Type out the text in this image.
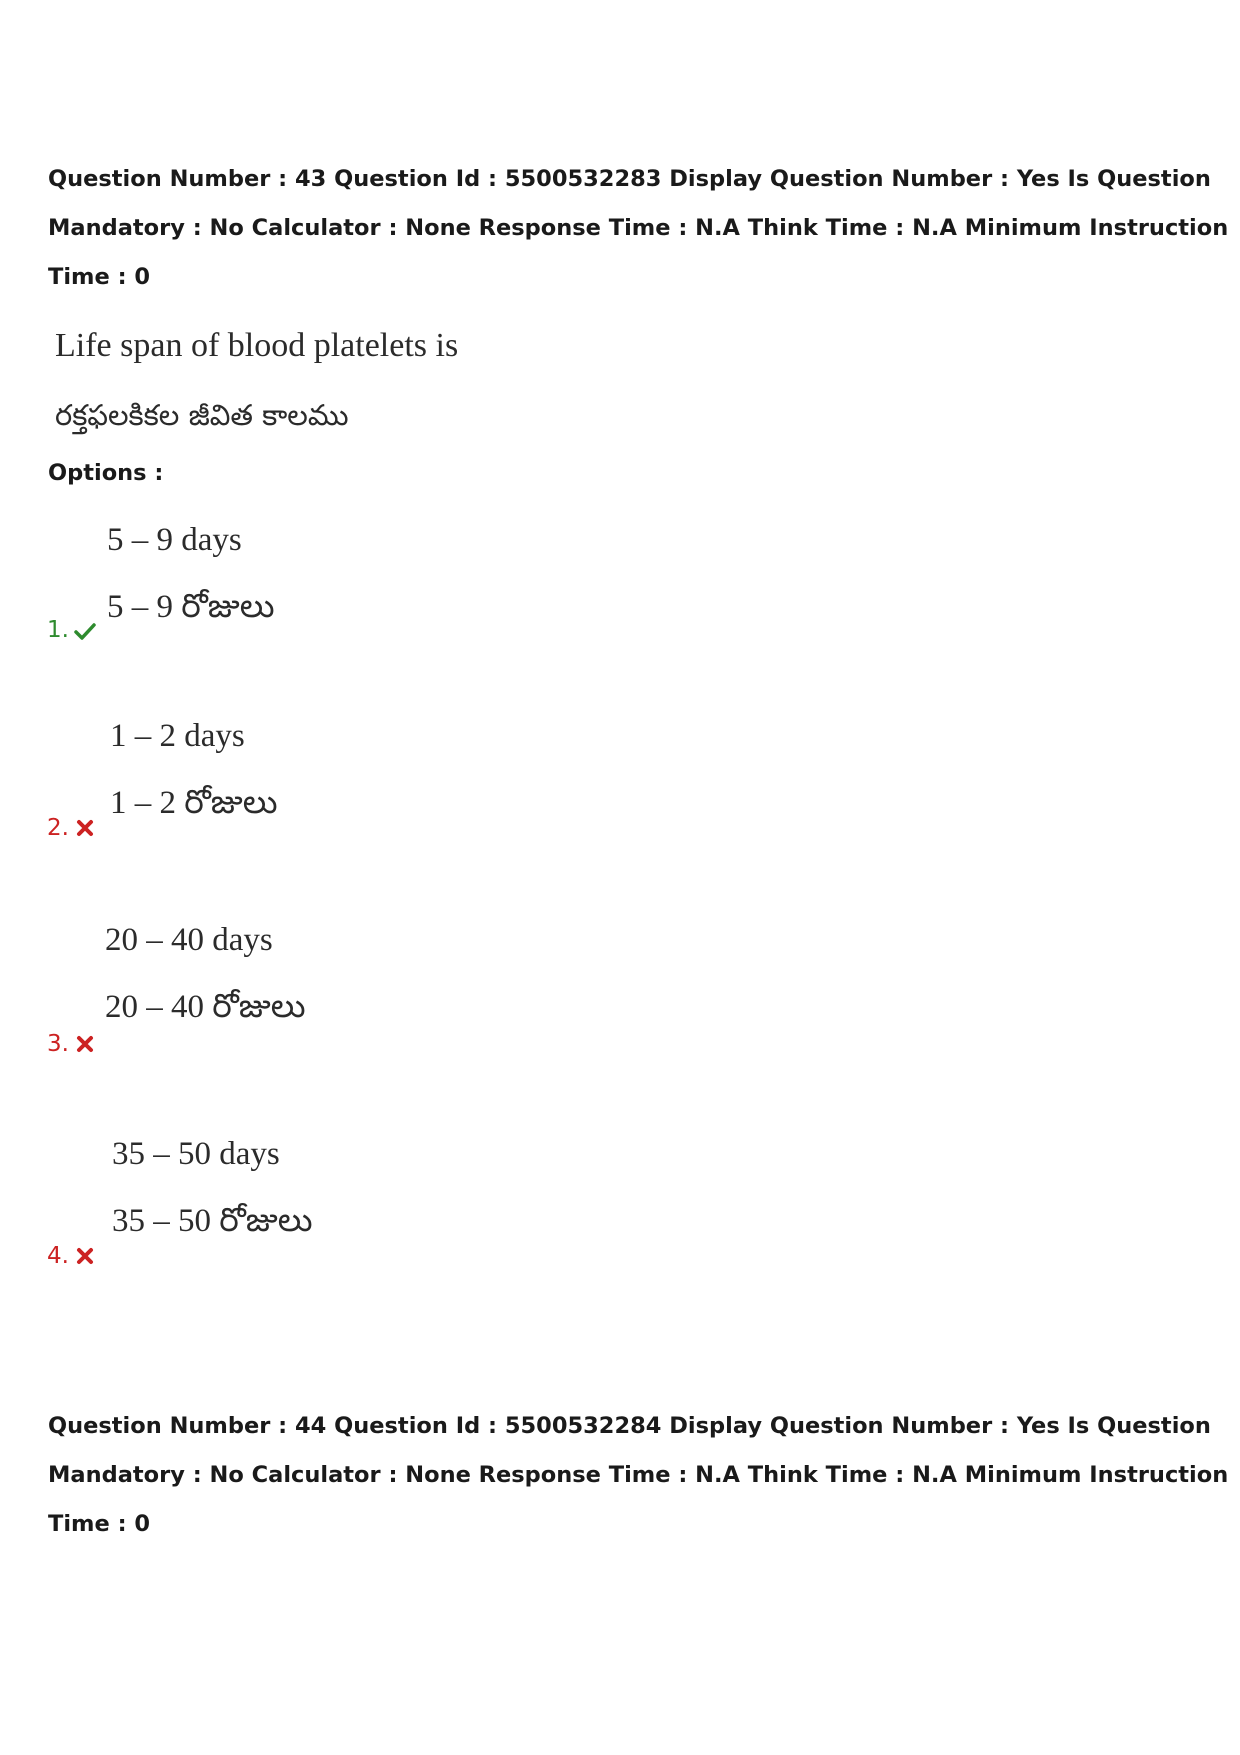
Question Number : 43 Question Id : 5500532283 Display Question Number : Yes Is Question
Mandatory : No Calculator : None Response Time : N.A Think Time : N.A Minimum Instruction
Time : 0
Life span of blood platelets is
రక్తఫలకికల జీవిత కాలము
Options :
5 – 9 days
5 – 9 రోజులు
1.
1 – 2 days
1 – 2 రోజులు
2.
20 – 40 days
20 – 40 రోజులు
3.
35 – 50 days
35 – 50 రోజులు
4.
Question Number : 44 Question Id : 5500532284 Display Question Number : Yes Is Question
Mandatory : No Calculator : None Response Time : N.A Think Time : N.A Minimum Instruction
Time : 0
